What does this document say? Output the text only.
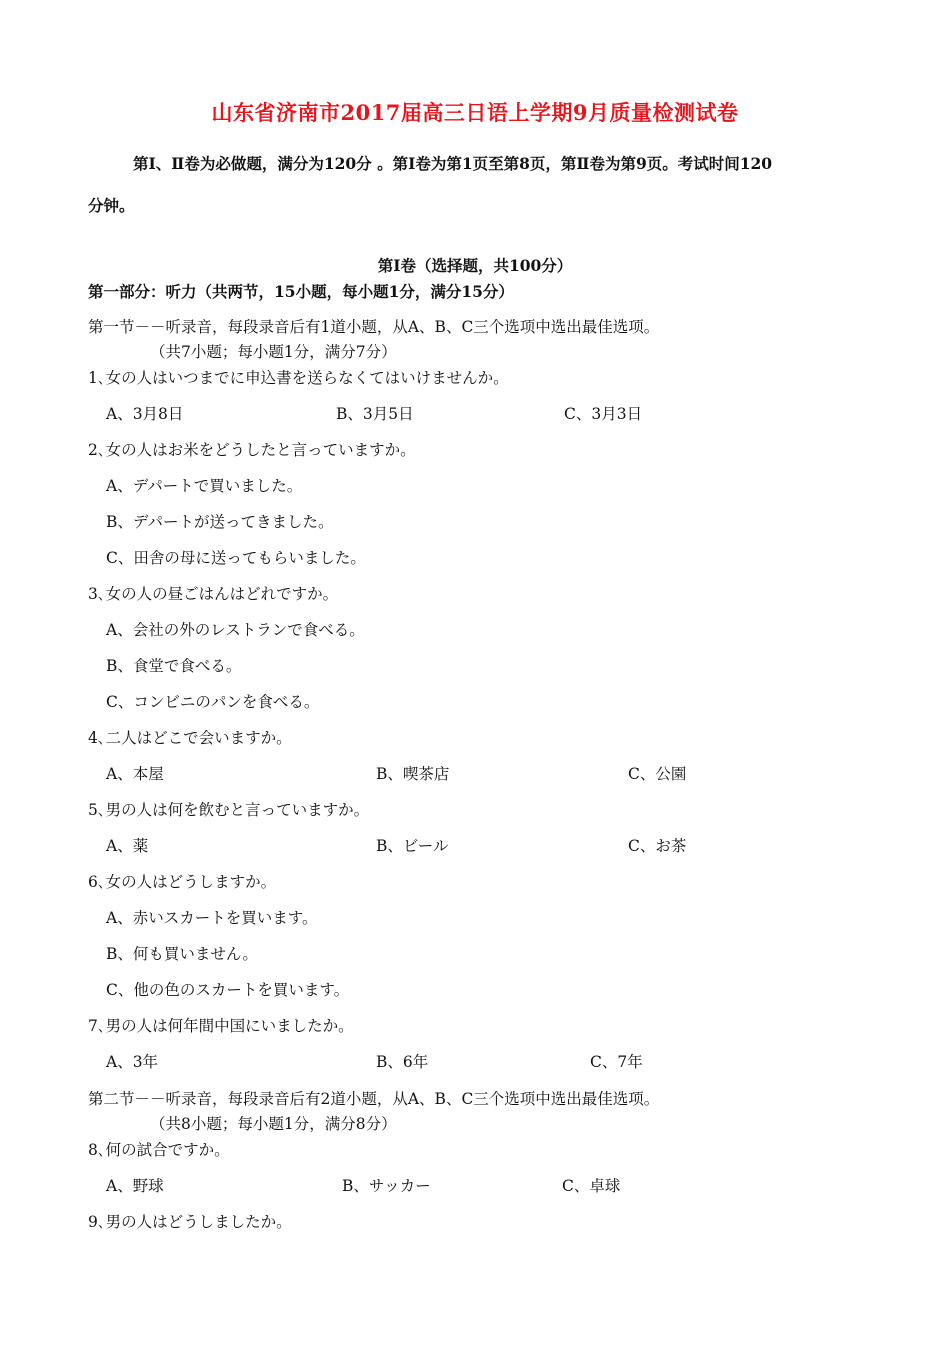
山东省济南市2017届高三日语上学期9月质量检测试卷
第Ⅰ、Ⅱ卷为必做题，满分为120分 。第Ⅰ卷为第1页至第8页，第Ⅱ卷为第9页。考试时间120
分钟。
第Ⅰ卷（选择题，共100分）
第一部分：听力（共两节，15小题，每小题1分，满分15分）
第一节－－听录音，每段录音后有1道小题，从A、B、C三个选项中选出最佳选项。
（共7小题；每小题1分，满分7分）
1､女の人はいつまでに申込書を送らなくてはいけませんか。
A、3月8日	B、3月5日	C、3月3日
2､女の人はお米をどうしたと言っていますか。
A、デパートで買いました。
B、デパートが送ってきました。
C、田舎の母に送ってもらいました。
3､女の人の昼ごはんはどれですか。
A、会社の外のレストランで食べる。
B、食堂で食べる。
C、コンビニのパンを食べる。
4､二人はどこで会いますか。
A、本屋	B、喫茶店	C、公園
5､男の人は何を飲むと言っていますか。
A、薬	B、ビール	C、お茶
6､女の人はどうしますか。
A、赤いスカートを買います。
B、何も買いません。
C、他の色のスカートを買います。
7､男の人は何年間中国にいましたか。
A、3年	B、6年	C、7年
第二节－－听录音，每段录音后有2道小题，从A、B、C三个选项中选出最佳选项。
（共8小题；每小题1分，满分8分）
8､何の試合ですか。
A、野球	B、サッカー	C、卓球
9､男の人はどうしましたか。
